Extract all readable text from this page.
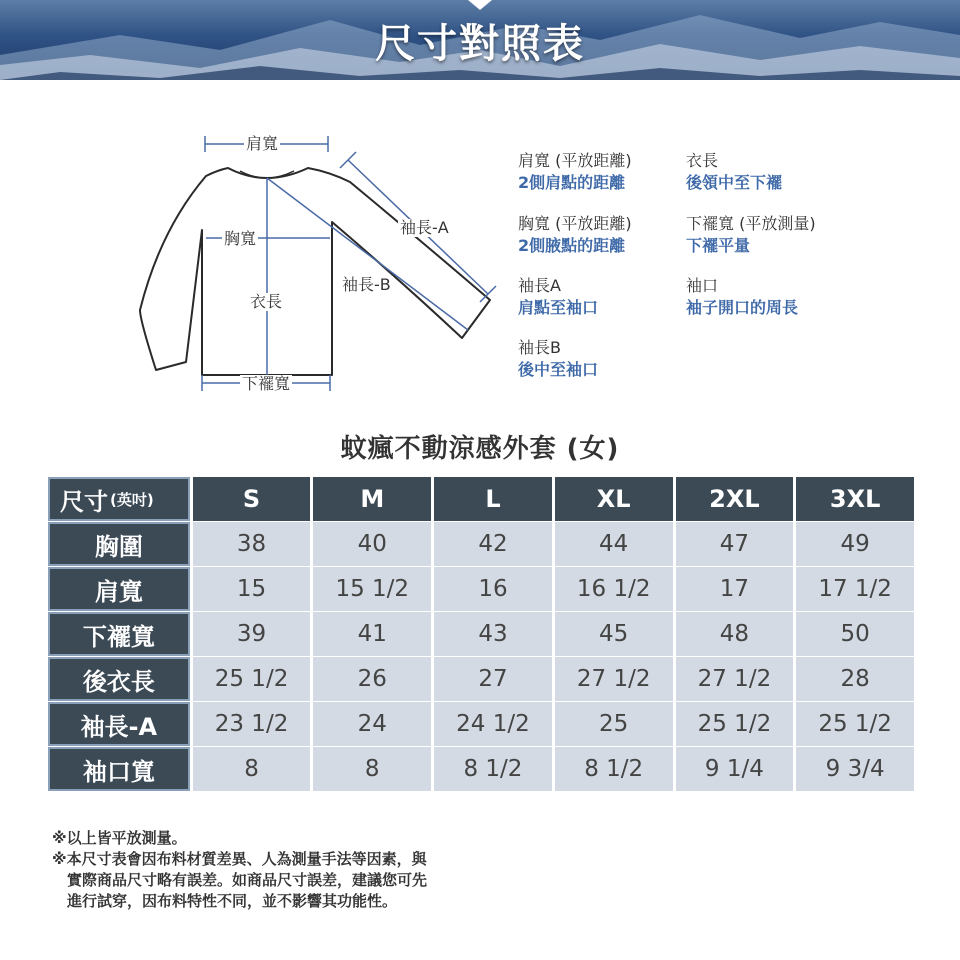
尺寸對照表
肩寬
胸寬
衣長
袖長-A
袖長-B
下襬寬
肩寬 (平放距離)
2側肩點的距離
衣長
後領中至下襬
胸寬 (平放距離)
2側腋點的距離
下襬寬 (平放測量)
下襬平量
袖長A
肩點至袖口
袖口
袖子開口的周長
袖長B
後中至袖口
蚊瘋不動涼感外套 (女)
尺寸 (英吋)	S	M	L	XL	2XL	3XL
胸圍	38	40	42	44	47	49
肩寬	15	15 1/2	16	16 1/2	17	17 1/2
下襬寬	39	41	43	45	48	50
後衣長	25 1/2	26	27	27 1/2	27 1/2	28
袖長-A	23 1/2	24	24 1/2	25	25 1/2	25 1/2
袖口寬	8	8	8 1/2	8 1/2	9 1/4	9 3/4
※以上皆平放測量。
※本尺寸表會因布料材質差異、人為測量手法等因素，與
　實際商品尺寸略有誤差。如商品尺寸誤差，建議您可先
　進行試穿，因布料特性不同，並不影響其功能性。
